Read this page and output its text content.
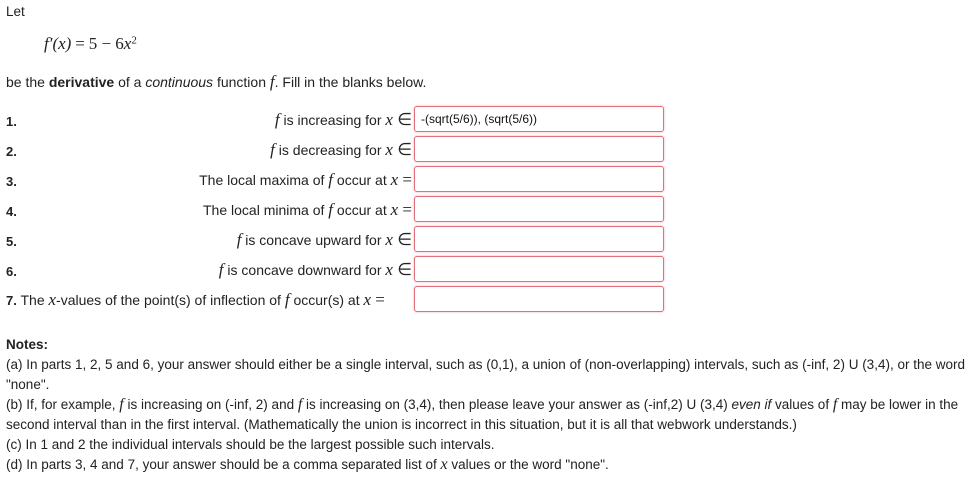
Let
$f'(x) = 5 - 6x^2$
be the derivative of a continuous function f. Fill in the blanks below.
1.	f is increasing for x ∈
-(sqrt(5/6)), (sqrt(5/6))
2.	f is decreasing for x ∈
3.	The local maxima of f occur at x =
4.	The local minima of f occur at x =
5.	f is concave upward for x ∈
6.	f is concave downward for x ∈
7. The x-values of the point(s) of inflection of f occur(s) at x =

Notes:

(a) In parts 1, 2, 5 and 6, your answer should either be a single interval, such as (0,1), a union of (non-overlapping) intervals, such as (-inf, 2) U (3,4), or the word "none".

(b) If, for example, f is increasing on (-inf, 2) and f is increasing on (3,4), then please leave your answer as (-inf,2) U (3,4) even if values of f may be lower in the second interval than in the first interval. (Mathematically the union is incorrect in this situation, but it is all that webwork understands.)

(c) In 1 and 2 the individual intervals should be the largest possible such intervals.

(d) In parts 3, 4 and 7, your answer should be a comma separated list of x values or the word "none".
